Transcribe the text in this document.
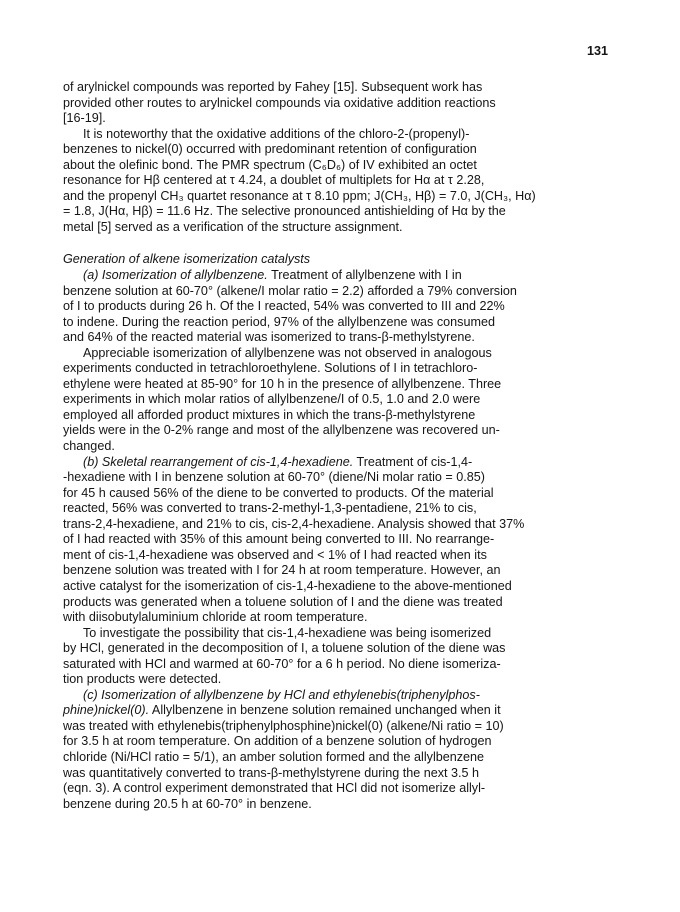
131
of arylnickel compounds was reported by Fahey [15]. Subsequent work has
provided other routes to arylnickel compounds via oxidative addition reactions
[16-19].
It is noteworthy that the oxidative additions of the chloro-2-(propenyl)-
benzenes to nickel(0) occurred with predominant retention of configuration
about the olefinic bond. The PMR spectrum (C₆D₆) of IV exhibited an octet
resonance for Hβ centered at τ 4.24, a doublet of multiplets for Hα at τ 2.28,
and the propenyl CH₃ quartet resonance at τ 8.10 ppm; J(CH₃, Hβ) = 7.0, J(CH₃, Hα)
= 1.8, J(Hα, Hβ) = 11.6 Hz. The selective pronounced antishielding of Hα by the
metal [5] served as a verification of the structure assignment.
Generation of alkene isomerization catalysts
(a) Isomerization of allylbenzene. Treatment of allylbenzene with I in
benzene solution at 60-70° (alkene/I molar ratio = 2.2) afforded a 79% conversion
of I to products during 26 h. Of the I reacted, 54% was converted to III and 22%
to indene. During the reaction period, 97% of the allylbenzene was consumed
and 64% of the reacted material was isomerized to trans-β-methylstyrene.
Appreciable isomerization of allylbenzene was not observed in analogous
experiments conducted in tetrachloroethylene. Solutions of I in tetrachloro-
ethylene were heated at 85-90° for 10 h in the presence of allylbenzene. Three
experiments in which molar ratios of allylbenzene/I of 0.5, 1.0 and 2.0 were
employed all afforded product mixtures in which the trans-β-methylstyrene
yields were in the 0-2% range and most of the allylbenzene was recovered un-
changed.
(b) Skeletal rearrangement of cis-1,4-hexadiene. Treatment of cis-1,4-
-hexadiene with I in benzene solution at 60-70° (diene/Ni molar ratio = 0.85)
for 45 h caused 56% of the diene to be converted to products. Of the material
reacted, 56% was converted to trans-2-methyl-1,3-pentadiene, 21% to cis,
trans-2,4-hexadiene, and 21% to cis, cis-2,4-hexadiene. Analysis showed that 37%
of I had reacted with 35% of this amount being converted to III. No rearrange-
ment of cis-1,4-hexadiene was observed and < 1% of I had reacted when its
benzene solution was treated with I for 24 h at room temperature. However, an
active catalyst for the isomerization of cis-1,4-hexadiene to the above-mentioned
products was generated when a toluene solution of I and the diene was treated
with diisobutylaluminium chloride at room temperature.
To investigate the possibility that cis-1,4-hexadiene was being isomerized
by HCl, generated in the decomposition of I, a toluene solution of the diene was
saturated with HCl and warmed at 60-70° for a 6 h period. No diene isomeriza-
tion products were detected.
(c) Isomerization of allylbenzene by HCl and ethylenebis(triphenylphos-
phine)nickel(0). Allylbenzene in benzene solution remained unchanged when it
was treated with ethylenebis(triphenylphosphine)nickel(0) (alkene/Ni ratio = 10)
for 3.5 h at room temperature. On addition of a benzene solution of hydrogen
chloride (Ni/HCl ratio = 5/1), an amber solution formed and the allylbenzene
was quantitatively converted to trans-β-methylstyrene during the next 3.5 h
(eqn. 3). A control experiment demonstrated that HCl did not isomerize allyl-
benzene during 20.5 h at 60-70° in benzene.
